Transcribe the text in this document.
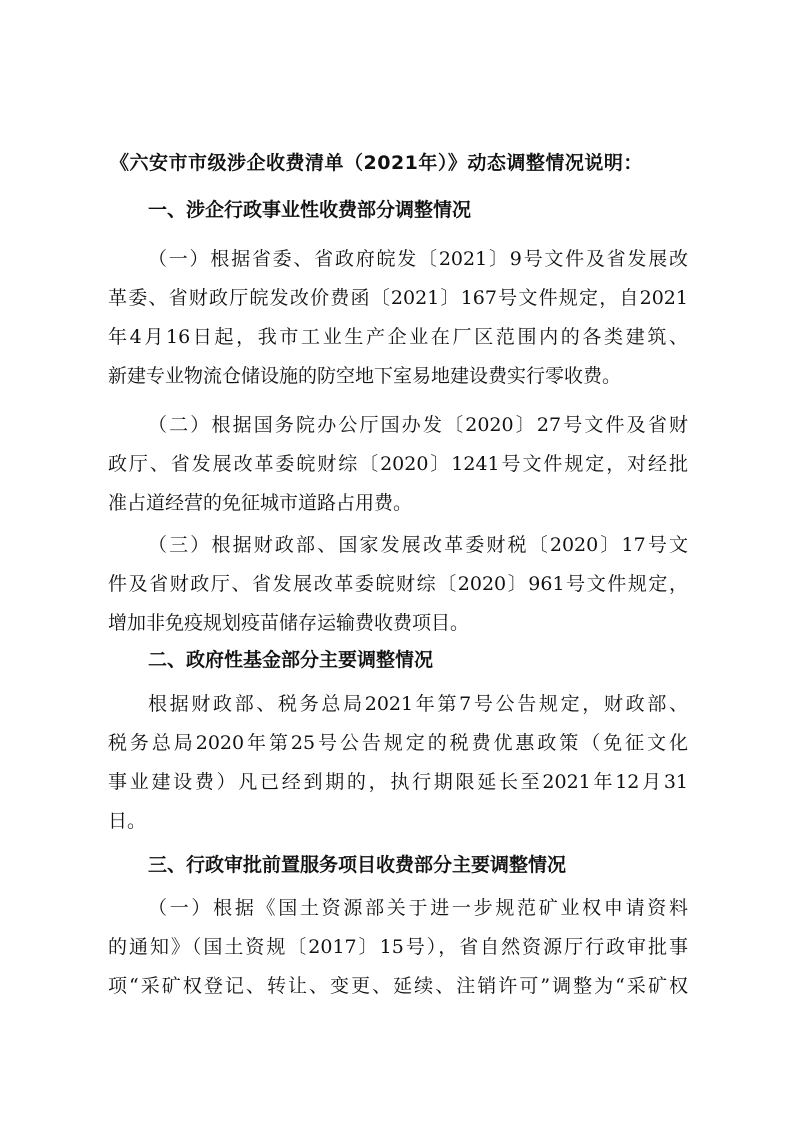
《六安市市级涉企收费清单（2021年）》动态调整情况说明：
一、涉企行政事业性收费部分调整情况
（一）根据省委、省政府皖发〔2021〕9号文件及省发展改
革委、省财政厅皖发改价费函〔2021〕167号文件规定，自2021
年4月16日起，我市工业生产企业在厂区范围内的各类建筑、
新建专业物流仓储设施的防空地下室易地建设费实行零收费。
（二）根据国务院办公厅国办发〔2020〕27号文件及省财
政厅、省发展改革委皖财综〔2020〕1241号文件规定，对经批
准占道经营的免征城市道路占用费。
（三）根据财政部、国家发展改革委财税〔2020〕17号文
件及省财政厅、省发展改革委皖财综〔2020〕961号文件规定，
增加非免疫规划疫苗储存运输费收费项目。
二、政府性基金部分主要调整情况
根据财政部、税务总局2021年第7号公告规定，财政部、
税务总局2020年第25号公告规定的税费优惠政策（免征文化
事业建设费）凡已经到期的，执行期限延长至2021年12月31
日。
三、行政审批前置服务项目收费部分主要调整情况
（一）根据《国土资源部关于进一步规范矿业权申请资料
的通知》（国土资规〔2017〕15号），省自然资源厅行政审批事
项“采矿权登记、转让、变更、延续、注销许可”调整为“采矿权
